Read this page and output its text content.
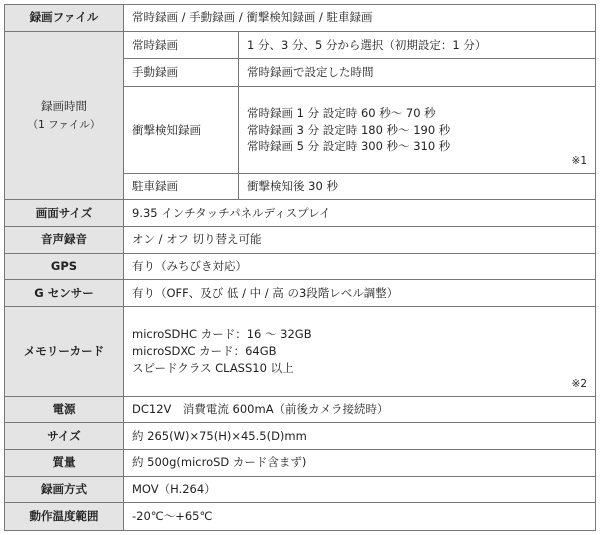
録画ファイル	常時録画 / 手動録画 / 衝撃検知録画 / 駐車録画	
録画時間
（1 ファイル）	常時録画	1 分、3 分、5 分から選択（初期設定：1 分）
	手動録画	常時録画で設定した時間
	衝撃検知録画	常時録画 1 分 設定時 60 秒～ 70 秒
常時録画 3 分 設定時 180 秒～ 190 秒
常時録画 5 分 設定時 300 秒～ 310 秒
※1

	駐車録画	衝撃検知後 30 秒
画面サイズ	9.35 インチタッチパネルディスプレイ	
音声録音	オン / オフ 切り替え可能	
GPS	有り（みちびき対応）	
G センサー	有り（OFF、及び 低 / 中 / 高 の3段階レベル調整）	
メモリーカード	microSDHC カード：16 ～ 32GB
microSDXC カード：64GB
スピードクラス CLASS10 以上
※2	

電源	DC12V　消費電流 600mA（前後カメラ接続時）	
サイズ	約 265(W)×75(H)×45.5(D)mm	
質量	約 500g(microSD カード含まず)	
録画方式	MOV（H.264）	
動作温度範囲	-20℃～+65℃	
